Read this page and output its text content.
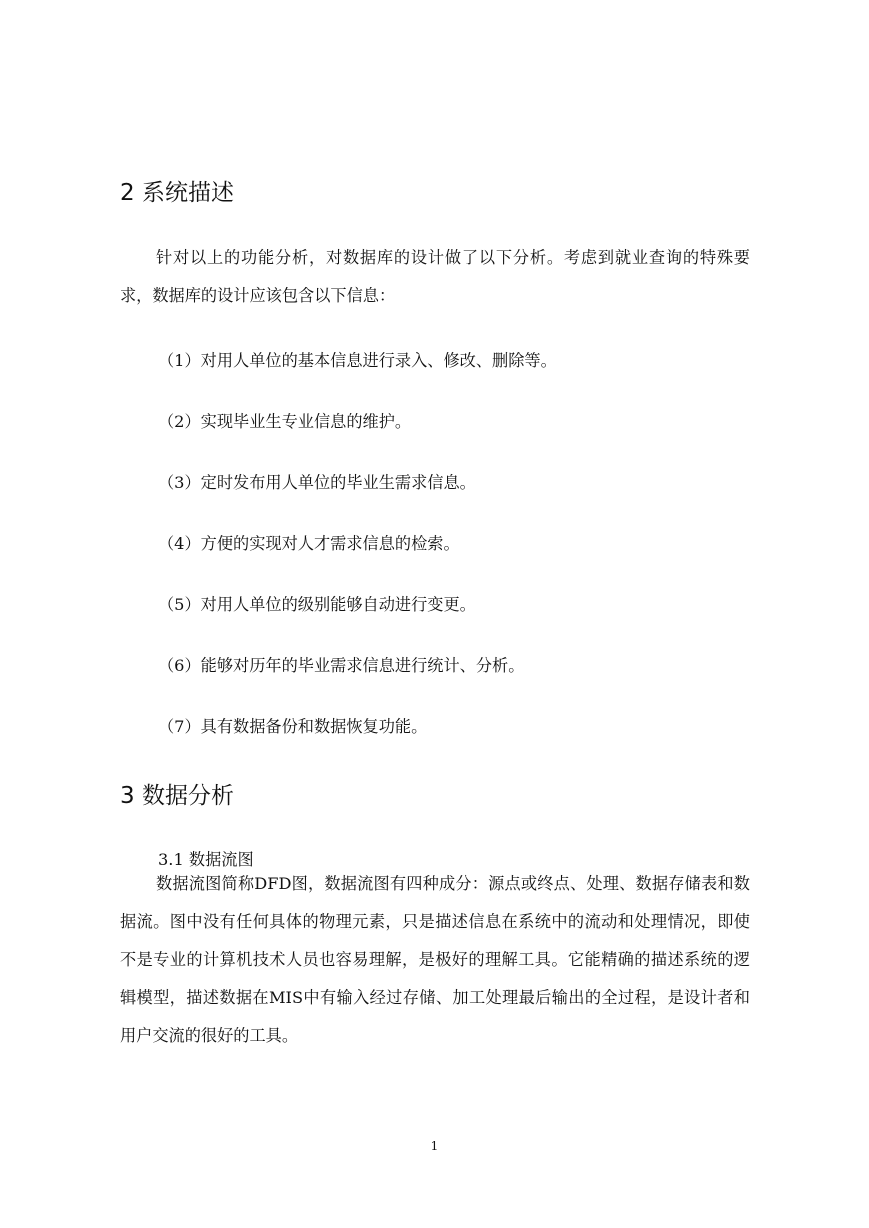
2 系统描述

针对以上的功能分析，对数据库的设计做了以下分析。考虑到就业查询的特殊要求，数据库的设计应该包含以下信息：

（1）对用人单位的基本信息进行录入、修改、删除等。

（2）实现毕业生专业信息的维护。

（3）定时发布用人单位的毕业生需求信息。

（4）方便的实现对人才需求信息的检索。

（5）对用人单位的级别能够自动进行变更。

（6）能够对历年的毕业需求信息进行统计、分析。

（7）具有数据备份和数据恢复功能。

3 数据分析

3.1 数据流图

数据流图简称DFD图，数据流图有四种成分：源点或终点、处理、数据存储表和数据流。图中没有任何具体的物理元素，只是描述信息在系统中的流动和处理情况，即使不是专业的计算机技术人员也容易理解，是极好的理解工具。它能精确的描述系统的逻辑模型，描述数据在MIS中有输入经过存储、加工处理最后输出的全过程，是设计者和用户交流的很好的工具。

1
